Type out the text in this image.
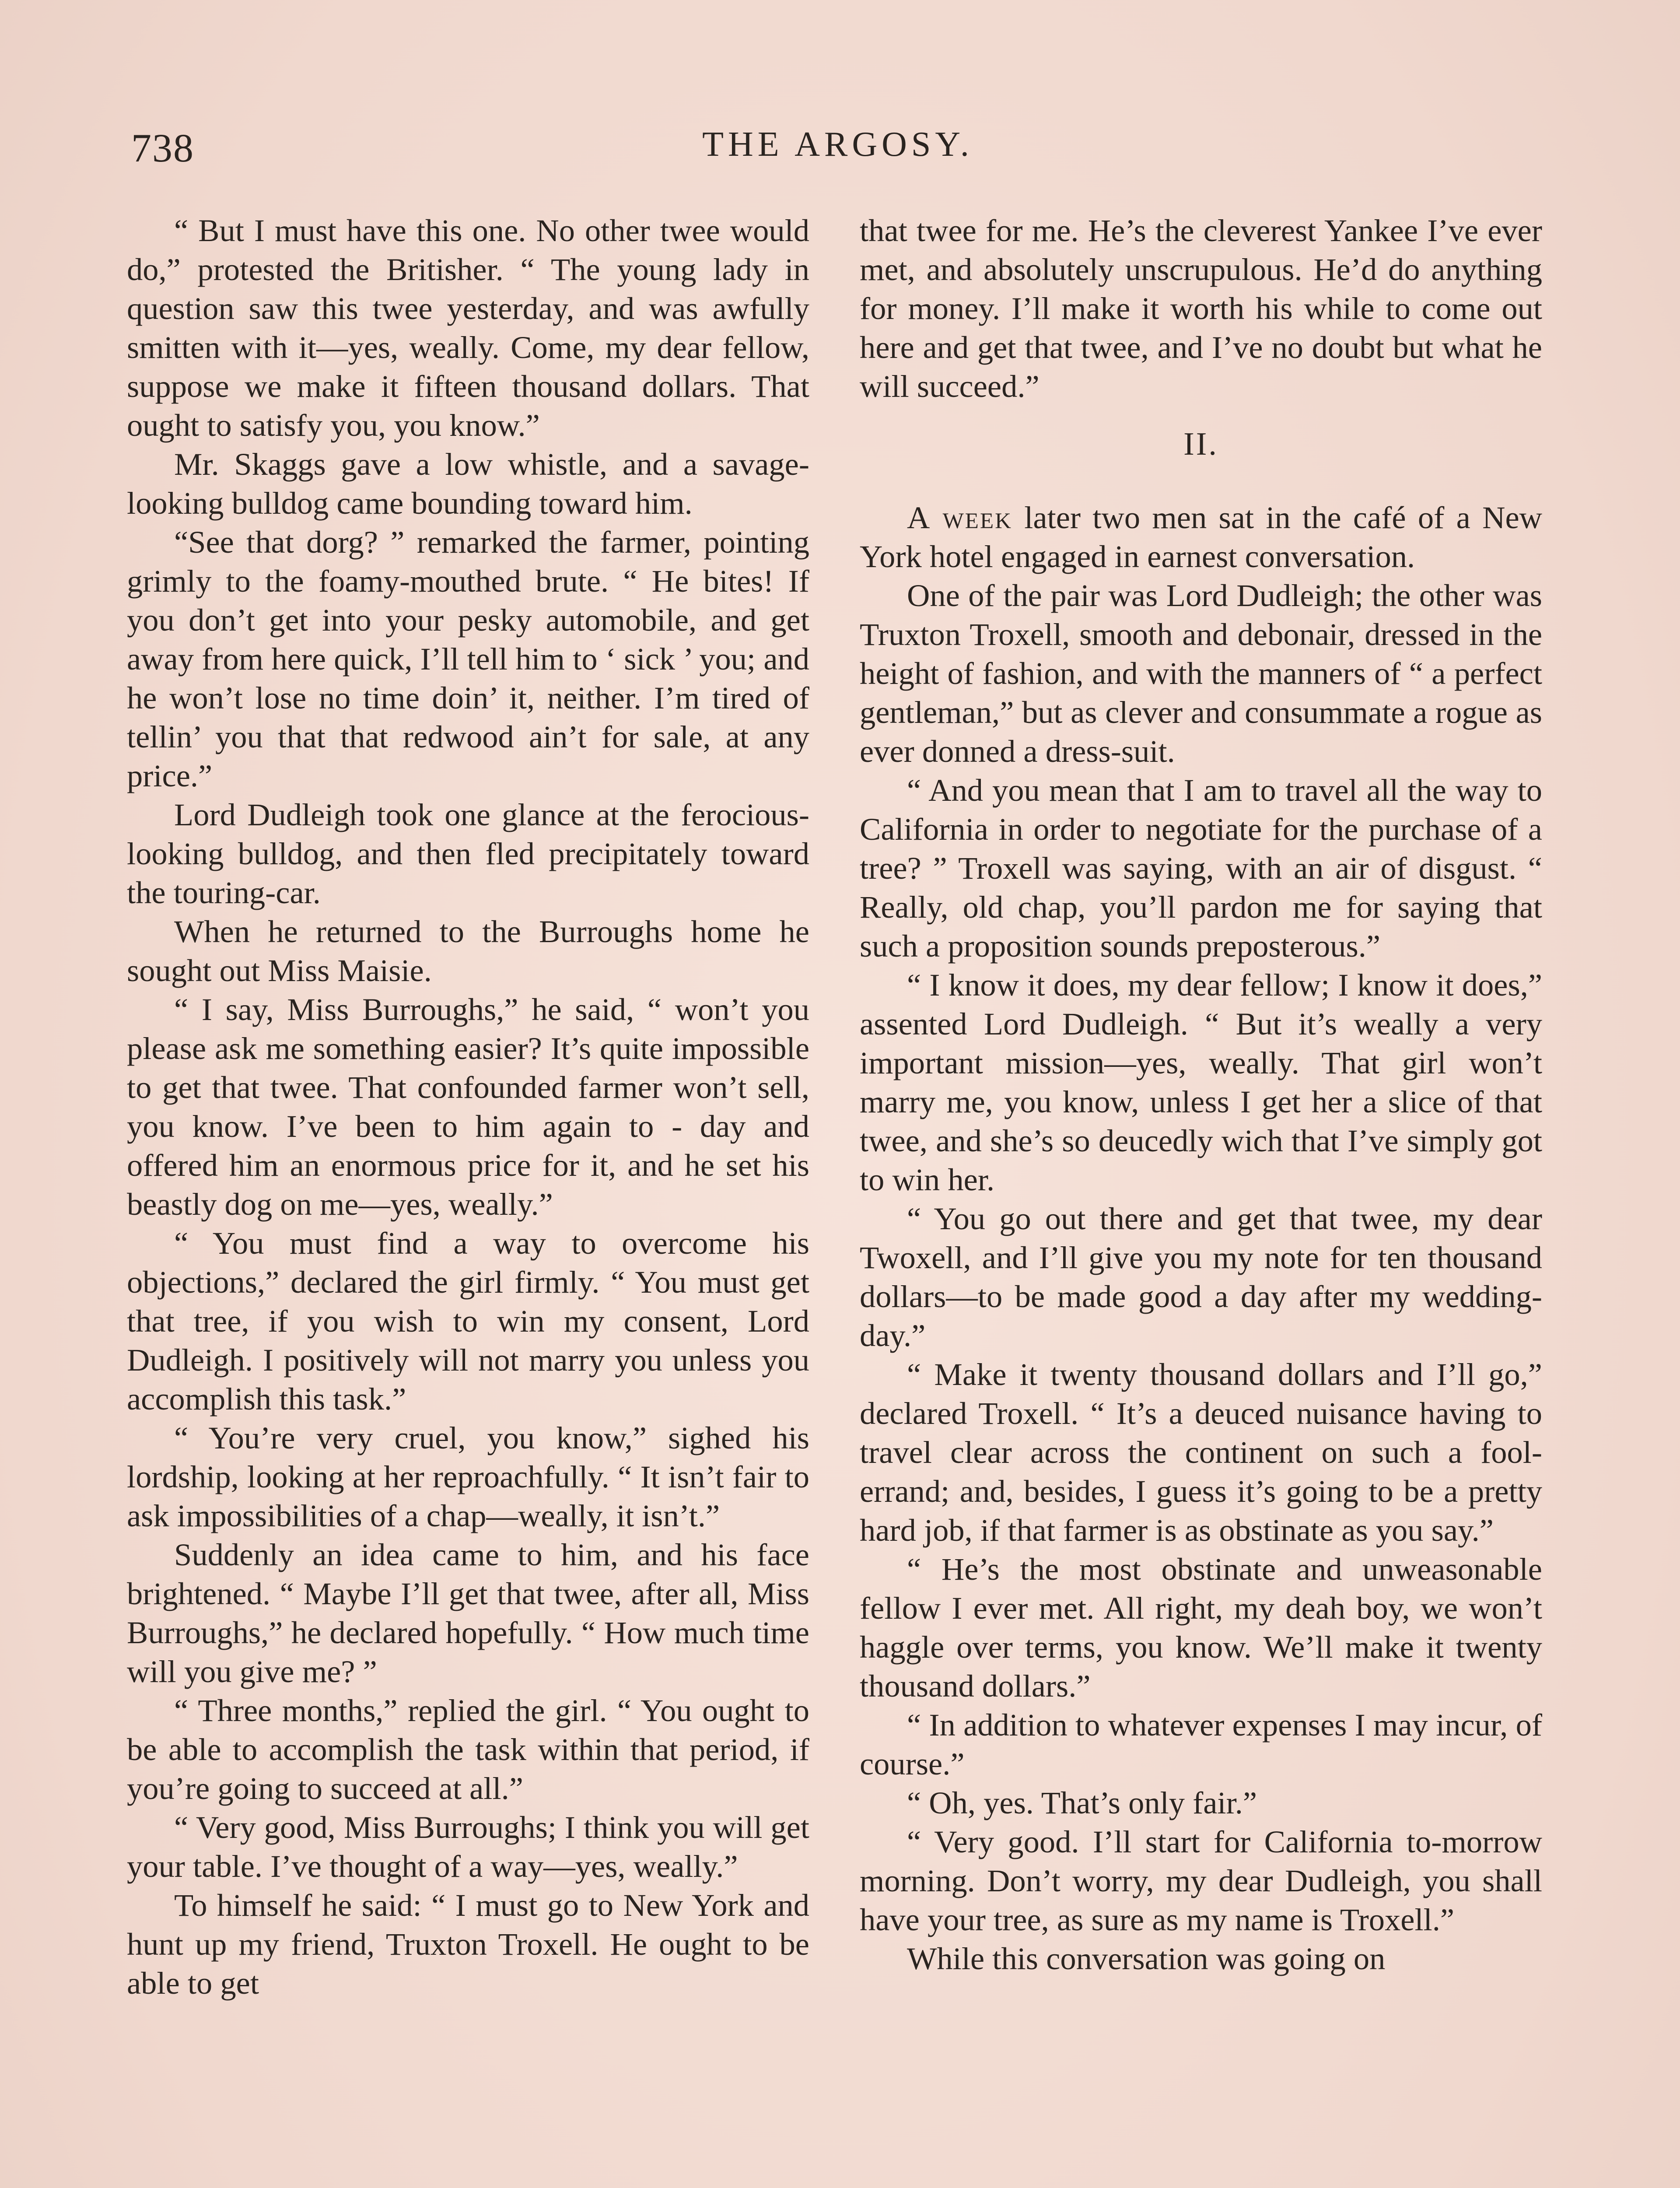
738	THE ARGOSY.

“ But I must have this one. No other twee would do,” protested the Britisher. “ The young lady in question saw this twee yesterday, and was awfully smitten with it—yes, weally. Come, my dear fellow, suppose we make it fifteen thousand dollars. That ought to satisfy you, you know.”

Mr. Skaggs gave a low whistle, and a savage-looking bulldog came bounding toward him.

“See that dorg? ” remarked the farmer, pointing grimly to the foamy-mouthed brute. “ He bites! If you don’t get into your pesky automobile, and get away from here quick, I’ll tell him to ‘ sick ’ you; and he won’t lose no time doin’ it, neither. I’m tired of tellin’ you that that redwood ain’t for sale, at any price.”

Lord Dudleigh took one glance at the ferocious-looking bulldog, and then fled precipitately toward the touring-car.

When he returned to the Burroughs home he sought out Miss Maisie.

“ I say, Miss Burroughs,” he said, “ won’t you please ask me something easier? It’s quite impossible to get that twee. That confounded farmer won’t sell, you know. I’ve been to him again to - day and offered him an enormous price for it, and he set his beastly dog on me—yes, weally.”

“ You must find a way to overcome his objections,” declared the girl firmly. “ You must get that tree, if you wish to win my consent, Lord Dudleigh. I positively will not marry you unless you accomplish this task.”

“ You’re very cruel, you know,” sighed his lordship, looking at her reproachfully. “ It isn’t fair to ask impossibilities of a chap—weally, it isn’t.”

Suddenly an idea came to him, and his face brightened. “ Maybe I’ll get that twee, after all, Miss Burroughs,” he declared hopefully. “ How much time will you give me? ”

“ Three months,” replied the girl. “ You ought to be able to accomplish the task within that period, if you’re going to succeed at all.”

“ Very good, Miss Burroughs; I think you will get your table. I’ve thought of a way—yes, weally.”

To himself he said: “ I must go to New York and hunt up my friend, Truxton Troxell. He ought to be able to get

that twee for me. He’s the cleverest Yankee I’ve ever met, and absolutely unscrupulous. He’d do anything for money. I’ll make it worth his while to come out here and get that twee, and I’ve no doubt but what he will succeed.”

II.

A week later two men sat in the café of a New York hotel engaged in earnest conversation.

One of the pair was Lord Dudleigh; the other was Truxton Troxell, smooth and debonair, dressed in the height of fashion, and with the manners of “ a perfect gentleman,” but as clever and consummate a rogue as ever donned a dress-suit.

“ And you mean that I am to travel all the way to California in order to negotiate for the purchase of a tree? ” Troxell was saying, with an air of disgust. “ Really, old chap, you’ll pardon me for saying that such a proposition sounds preposterous.”

“ I know it does, my dear fellow; I know it does,” assented Lord Dudleigh. “ But it’s weally a very important mission—yes, weally. That girl won’t marry me, you know, unless I get her a slice of that twee, and she’s so deucedly wich that I’ve simply got to win her.

“ You go out there and get that twee, my dear Twoxell, and I’ll give you my note for ten thousand dollars—to be made good a day after my wedding-day.”

“ Make it twenty thousand dollars and I’ll go,” declared Troxell. “ It’s a deuced nuisance having to travel clear across the continent on such a fool-errand; and, besides, I guess it’s going to be a pretty hard job, if that farmer is as obstinate as you say.”

“ He’s the most obstinate and unweasonable fellow I ever met. All right, my deah boy, we won’t haggle over terms, you know. We’ll make it twenty thousand dollars.”

“ In addition to whatever expenses I may incur, of course.”

“ Oh, yes. That’s only fair.”

“ Very good. I’ll start for California to-morrow morning. Don’t worry, my dear Dudleigh, you shall have your tree, as sure as my name is Troxell.”

While this conversation was going on
